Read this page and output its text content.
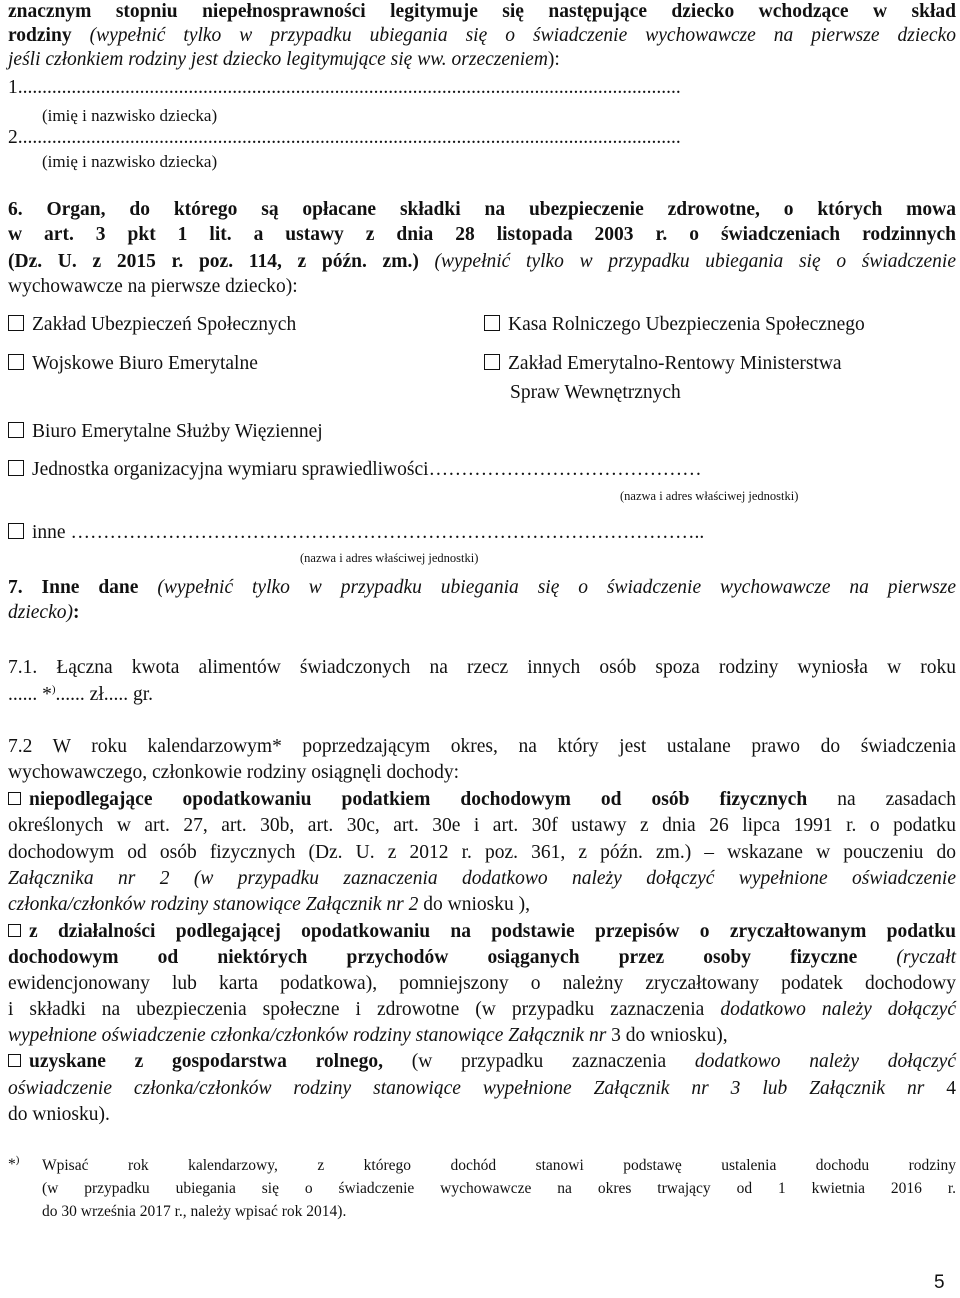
znacznym stopniu niepełnosprawności legitymuje się następujące dziecko wchodzące w skład
rodziny (wypełnić tylko w przypadku ubiegania się o świadczenie wychowawcze na pierwsze dziecko
jeśli członkiem rodziny jest dziecko legitymujące się ww. orzeczeniem):
1........................................................................................................................................
(imię i nazwisko dziecka)
2........................................................................................................................................
(imię i nazwisko dziecka)
6. Organ, do którego są opłacane składki na ubezpieczenie zdrowotne, o których mowa
w art. 3 pkt 1 lit. a ustawy z dnia 28 listopada 2003 r. o świadczeniach rodzinnych
(Dz. U. z 2015 r. poz. 114, z późn. zm.) (wypełnić tylko w przypadku ubiegania się o świadczenie
wychowawcze na pierwsze dziecko):
Zakład Ubezpieczeń Społecznych	Kasa Rolniczego Ubezpieczenia Społecznego
Wojskowe Biuro Emerytalne	Zakład Emerytalno-Rentowy Ministerstwa
Spraw Wewnętrznych
Biuro Emerytalne Służby Więziennej
Jednostka organizacyjna wymiaru sprawiedliwości……………………………………
(nazwa i adres właściwej jednostki)
inne ……………………………………………………………………………………..
(nazwa i adres właściwej jednostki)
7. Inne dane (wypełnić tylko w przypadku ubiegania się o świadczenie wychowawcze na pierwsze
dziecko):
7.1. Łączna kwota alimentów świadczonych na rzecz innych osób spoza rodziny wyniosła w roku
...... *)...... zł..... gr.
7.2 W roku kalendarzowym* poprzedzającym okres, na który jest ustalane prawo do świadczenia
wychowawczego, członkowie rodziny osiągnęli dochody:
niepodlegające opodatkowaniu podatkiem dochodowym od osób fizycznych na zasadach
określonych w art. 27, art. 30b, art. 30c, art. 30e i art. 30f ustawy z dnia 26 lipca 1991 r. o podatku
dochodowym od osób fizycznych (Dz. U. z 2012 r. poz. 361, z późn. zm.) – wskazane w pouczeniu do
Załącznika nr 2 (w przypadku zaznaczenia dodatkowo należy dołączyć wypełnione oświadczenie
członka/członków rodziny stanowiące Załącznik nr 2 do wniosku ),
z działalności podlegającej opodatkowaniu na podstawie przepisów o zryczałtowanym podatku
dochodowym od niektórych przychodów osiąganych przez osoby fizyczne (ryczałt
ewidencjonowany lub karta podatkowa), pomniejszony o należny zryczałtowany podatek dochodowy
i składki na ubezpieczenia społeczne i zdrowotne (w przypadku zaznaczenia dodatkowo należy dołączyć
wypełnione oświadczenie członka/członków rodziny stanowiące Załącznik nr 3 do wniosku),
uzyskane z gospodarstwa rolnego, (w przypadku zaznaczenia dodatkowo należy dołączyć
oświadczenie członka/członków rodziny stanowiące wypełnione Załącznik nr 3 lub Załącznik nr 4
do wniosku).
*) Wpisać rok kalendarzowy, z którego dochód stanowi podstawę ustalenia dochodu rodziny
(w przypadku ubiegania się o świadczenie wychowawcze na okres trwający od 1 kwietnia 2016 r.
do 30 września 2017 r., należy wpisać rok 2014).
5
